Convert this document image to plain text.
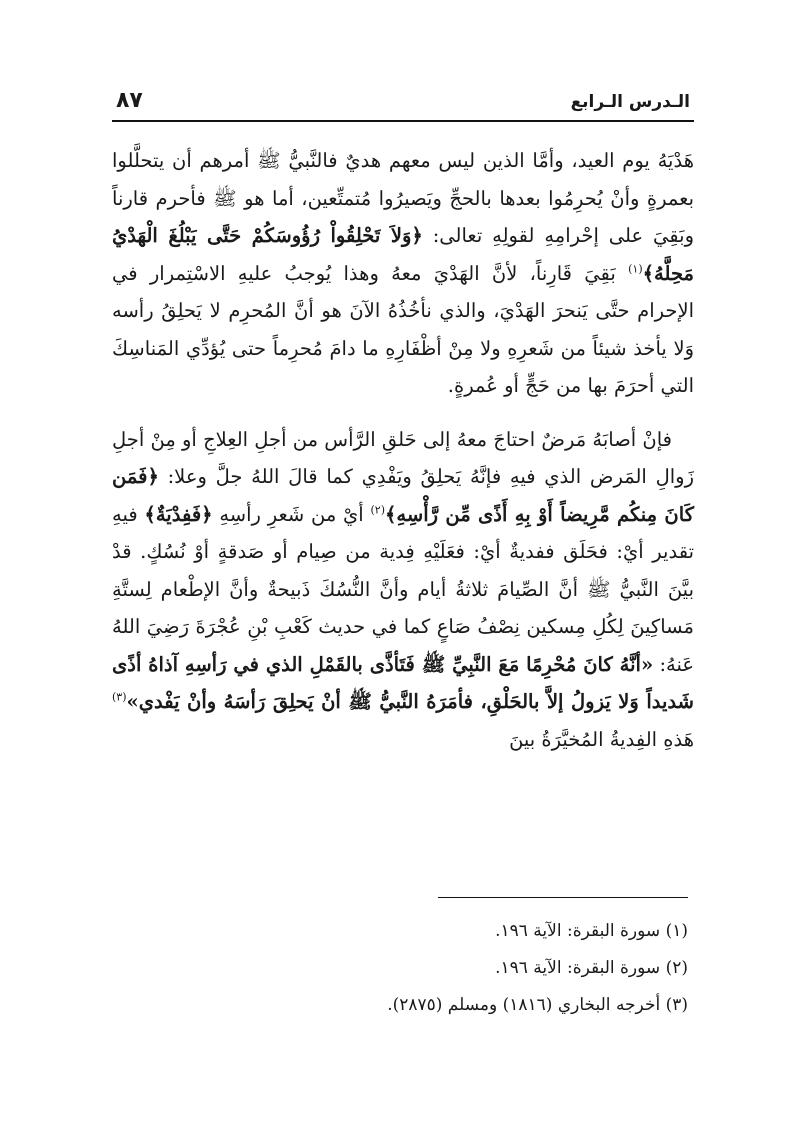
٨٧	الـدرس الـرابع

هَدْيَهُ يوم العيد، وأمَّا الذين ليس معهم هديٌ فالنَّبيُّ ﷺ أمرهم أن يتحلَّلوا بعمرةٍ وأنْ يُحرِمُوا بعدها بالحجِّ ويَصيرُوا مُتمتِّعين، أما هو ﷺ فأحرم قارناً وبَقِيَ على إحْرامِهِ لقولِهِ تعالى: ﴿وَلاَ تَحْلِقُواْ رُؤُوسَكُمْ حَتَّى يَبْلُغَ الْهَدْيُ مَحِلَّهُ﴾$^{(١)}$ بَقِيَ قَارِناً، لأنَّ الهَدْيَ معهُ وهذا يُوجبُ عليهِ الاسْتِمرار في الإحرام حتَّى يَنحرَ الهَدْيَ، والذي نأخُذُهُ الآنَ هو أنَّ المُحرِم لا يَحلِقُ رأسه وَلا يأخذ شيئاً من شَعرِهِ ولا مِنْ أظْفَارِهِ ما دامَ مُحرِماً حتى يُؤدِّي المَناسِكَ التي أحرَمَ بها من حَجٍّ أو عُمرةٍ.

فإنْ أصابَهُ مَرضٌ احتاجَ معهُ إلى حَلقِ الرَّأس من أجلِ العِلاجِ أو مِنْ أجلِ زَوالِ المَرض الذي فيهِ فإنَّهُ يَحلِقُ ويَفْدِي كما قالَ اللهُ جلَّ وعلا: ﴿فَمَن كَانَ مِنكُم مَّرِيضاً أَوْ بِهِ أَذًى مِّن رَّأْسِهِ﴾$^{(٢)}$ أيْ من شَعرِ رأسِهِ ﴿فَفِدْيَةٌ﴾ فيهِ تقدير أيْ: فحَلَق ففديةٌ أيْ: فعَلَيْهِ فِدية من صِيام أو صَدقةٍ أوْ نُسُكٍ. قدْ بيَّنَ النَّبيُّ ﷺ أنَّ الصِّيامَ ثلاثةُ أيام وأنَّ النُّسُكَ ذَبيحةٌ وأنَّ الإطْعام لِستَّةِ مَساكِينَ لِكُلِ مِسكين نِصْفُ صَاعٍ كما في حديث كَعْبِ بْنِ عُجْرَةَ رَضِيَ اللهُ عَنهُ: «أنَّهُ كانَ مُحْرِمًا مَعَ النَّبِيِّ ﷺ فَتَأذَّى بالقَمْلِ الذي في رَأسِهِ آذاهُ أذًى شَديداً وَلا يَزولُ إلاَّ بالحَلْقِ، فأمَرَهُ النَّبيُّ ﷺ أنْ يَحلِقَ رَأسَهُ وأنْ يَفْدي»$^{(٣)}$ هَذهِ الفِديةُ المُخيَّرَةُ بينَ

(١) سورة البقرة: الآية ١٩٦.

(٢) سورة البقرة: الآية ١٩٦.

(٣) أخرجه البخاري (١٨١٦) ومسلم (٢٨٧٥).
